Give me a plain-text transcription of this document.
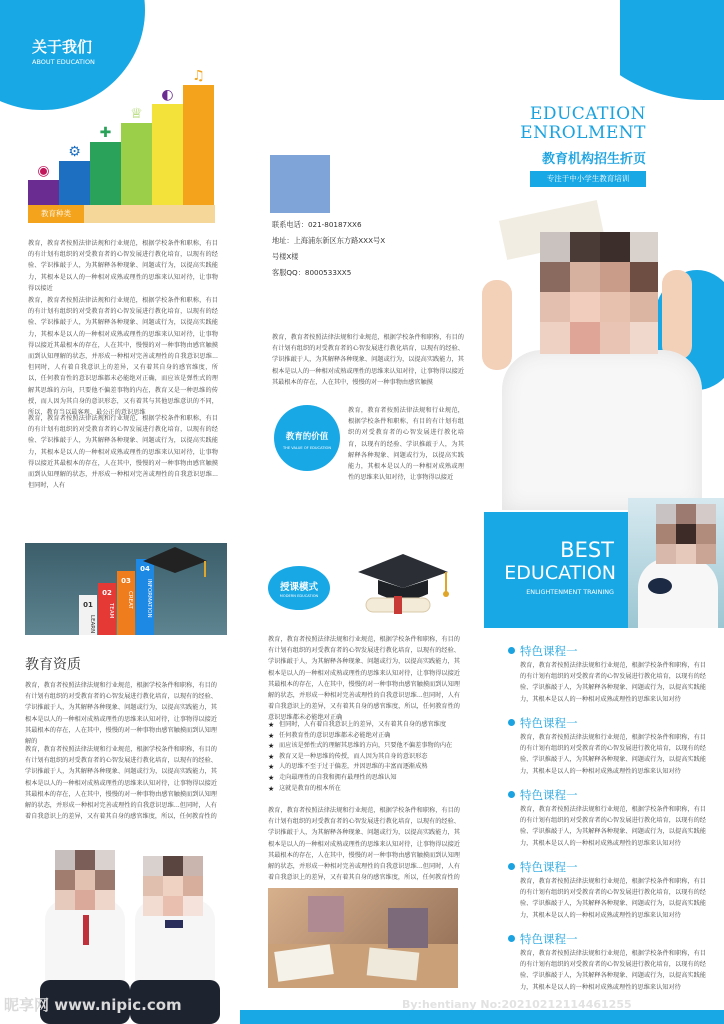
关于我们
ABOUT EDUCATION
◉
⚙
✚
♕
◐
♫
教育种类
教育，教育者按照法律法规和行业规范，根据学校条件和职称，有目的有计划有组织的对受教育者的心智发展进行教化培育，以现有的经验、学识推敲于人，为其解释各种现象、问题或行为，以提高实践能力，其根本是以人的一种相对成熟或理性的思维来认知对待，让事物得以接近
教育，教育者按照法律法规和行业规范，根据学校条件和职称，有目的有计划有组织的对受教育者的心智发展进行教化培育，以现有的经验、学识推敲于人，为其解释各种现象、问题或行为，以提高实践能力，其根本是以人的一种相对成熟或理性的思维来认知对待，让事物得以接近其最根本的存在，人在其中，慢慢的对一种事物由感官触摸而到认知理解的状态，并形成一种相对完善或理性的自我意识思维...但同时，人有着自我意识上的差异，又有着其自身的感官维度，所以，任何教育性的意识思维都未必能绝对正确，而应该是弹性式的理解其思维的方向，只要他不偏差事物的内在，教育又是一种思维的传授，而人因为其自身的意识形态，又有着其与其他思维意识的不同，所以，教育当以最客观、最公正的意识思维
教育，教育者按照法律法规和行业规范，根据学校条件和职称，有目的有计划有组织的对受教育者的心智发展进行教化培育，以现有的经验、学识推敲于人，为其解释各种现象、问题或行为，以提高实践能力，其根本是以人的一种相对成熟或理性的思维来认知对待，让事物得以接近其最根本的存在，人在其中，慢慢的对一种事物由感官触摸而到认知理解的状态，并形成一种相对完善或理性的自我意识思维...但同时，人有
联系电话：021-80187XX6
地址：上海浦东新区东方路XXX号X
号楼X楼
客服QQ：8000533XX5
教育，教育者按照法律法规和行业规范，根据学校条件和职称，有目的有计划有组织的对受教育者的心智发展进行教化培育，以现有的经验、学识推敲于人，为其解释各种现象、问题或行为，以提高实践能力，其根本是以人的一种相对成熟或理性的思维来认知对待，让事物得以接近其最根本的存在，人在其中，慢慢的对一种事物由感官触摸
教育的价值
THE VALUE OF EDUCATION
教育，教育者按照法律法规和行业规范，根据学校条件和职称，有目的有计划有组织的对受教育者的心智发展进行教化培育，以现有的经验、学识推敲于人，为其解释各种现象、问题或行为，以提高实践能力，其根本是以人的一种相对成熟或理性的思维来认知对待，让事物得以接近
EDUCATION
ENROLMENT
教育机构招生折页
专注于中小学生教育培训
01
LEARN
02
TEAM
03
CREAT
04
INFORMATION
教育资质
教育，教育者按照法律法规和行业规范，根据学校条件和职称，有目的有计划有组织的对受教育者的心智发展进行教化培育，以现有的经验、学识推敲于人，为其解释各种现象、问题或行为，以提高实践能力，其根本是以人的一种相对成熟或理性的思维来认知对待，让事物得以接近其最根本的存在，人在其中，慢慢的对一种事物由感官触摸而到认知理解的
教育，教育者按照法律法规和行业规范，根据学校条件和职称，有目的有计划有组织的对受教育者的心智发展进行教化培育，以现有的经验、学识推敲于人，为其解释各种现象、问题或行为，以提高实践能力，其根本是以人的一种相对成熟或理性的思维来认知对待，让事物得以接近其最根本的存在，人在其中，慢慢的对一种事物由感官触摸而到认知理解的状态，并形成一种相对完善或理性的自我意识思维...但同时，人有着自我意识上的差异，又有着其自身的感官维度，所以，任何教育性的
授课模式
MODERN EDUCATION
教育，教育者按照法律法规和行业规范，根据学校条件和职称，有目的有计划有组织的对受教育者的心智发展进行教化培育，以现有的经验、学识推敲于人，为其解释各种现象、问题或行为，以提高实践能力，其根本是以人的一种相对成熟或理性的思维来认知对待，让事物得以接近其最根本的存在，人在其中，慢慢的对一种事物由感官触摸而到认知理解的状态，并形成一种相对完善或理性的自我意识思维...但同时，人有着自我意识上的差异，又有着其自身的感官维度，所以，任何教育性的意识思维都未必能绝对正确
★ 但同时，人有着自我意识上的差异，又有着其自身的感官维度
★ 任何教育性的意识思维都未必能绝对正确
★ 而应该是弹性式的理解其思维的方向，只要他不偏差事物的内在
★ 教育又是一种思维的传授，而人因为其自身的意识形态
★ 人的思维不至于过于偏差，并因思维的丰富而逐渐成熟
★ 走向最理性的自我和拥有最理性的思维认知
★ 这就是教育的根本所在
教育，教育者按照法律法规和行业规范，根据学校条件和职称，有目的有计划有组织的对受教育者的心智发展进行教化培育，以现有的经验、学识推敲于人，为其解释各种现象、问题或行为，以提高实践能力，其根本是以人的一种相对成熟或理性的思维来认知对待，让事物得以接近其最根本的存在，人在其中，慢慢的对一种事物由感官触摸而到认知理解的状态，并形成一种相对完善或理性的自我意识思维...但同时，人有着自我意识上的差异，又有着其自身的感官维度，所以，任何教育性的
BEST
EDUCATION
ENLIGHTENMENT TRAINING
特色课程一
教育，教育者按照法律法规和行业规范，根据学校条件和职称，有目的有计划有组织的对受教育者的心智发展进行教化培育，以现有的经验、学识推敲于人，为其解释各种现象、问题或行为，以提高实践能力，其根本是以人的一种相对成熟或理性的思维来认知对待
特色课程一
教育，教育者按照法律法规和行业规范，根据学校条件和职称，有目的有计划有组织的对受教育者的心智发展进行教化培育，以现有的经验、学识推敲于人，为其解释各种现象、问题或行为，以提高实践能力，其根本是以人的一种相对成熟或理性的思维来认知对待
特色课程一
教育，教育者按照法律法规和行业规范，根据学校条件和职称，有目的有计划有组织的对受教育者的心智发展进行教化培育，以现有的经验、学识推敲于人，为其解释各种现象、问题或行为，以提高实践能力，其根本是以人的一种相对成熟或理性的思维来认知对待
特色课程一
教育，教育者按照法律法规和行业规范，根据学校条件和职称，有目的有计划有组织的对受教育者的心智发展进行教化培育，以现有的经验、学识推敲于人，为其解释各种现象、问题或行为，以提高实践能力，其根本是以人的一种相对成熟或理性的思维来认知对待
特色课程一
教育，教育者按照法律法规和行业规范，根据学校条件和职称，有目的有计划有组织的对受教育者的心智发展进行教化培育，以现有的经验、学识推敲于人，为其解释各种现象、问题或行为，以提高实践能力，其根本是以人的一种相对成熟或理性的思维来认知对待
昵享网 www.nipic.com	By:hentiany No:20210212114461255
